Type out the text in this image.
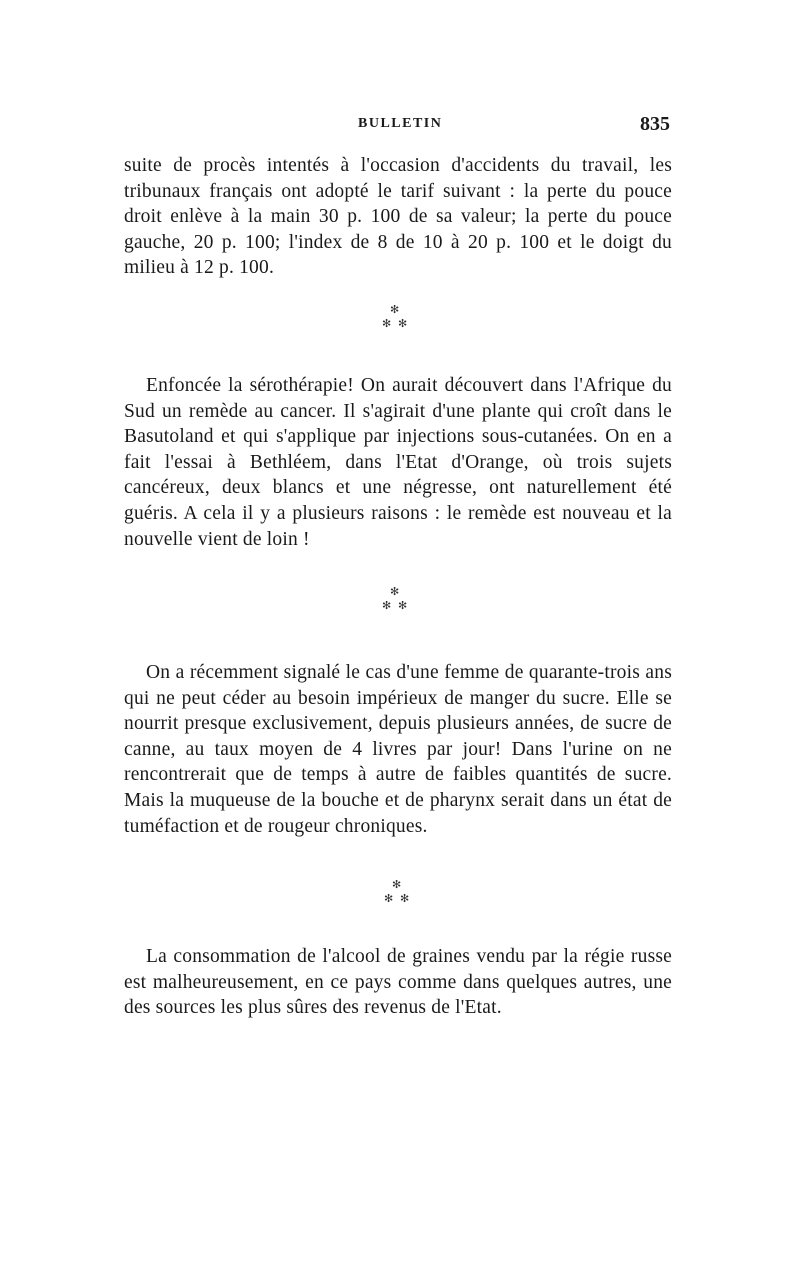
BULLETIN	835

suite de procès intentés à l'occasion d'accidents du travail, les tribunaux français ont adopté le tarif suivant : la perte du pouce droit enlève à la main 30 p. 100 de sa valeur; la perte du pouce gauche, 20 p. 100; l'index de 8 de 10 à 20 p. 100 et le doigt du milieu à 12 p. 100.

✻
✻ ✻

Enfoncée la sérothérapie! On aurait découvert dans l'Afrique du Sud un remède au cancer. Il s'agirait d'une plante qui croît dans le Basutoland et qui s'applique par injections sous-cutanées. On en a fait l'essai à Bethléem, dans l'Etat d'Orange, où trois sujets cancéreux, deux blancs et une négresse, ont naturellement été guéris. A cela il y a plusieurs raisons : le remède est nouveau et la nouvelle vient de loin !

✻
✻ ✻

On a récemment signalé le cas d'une femme de quarante-trois ans qui ne peut céder au besoin impérieux de manger du sucre. Elle se nourrit presque exclusivement, depuis plusieurs années, de sucre de canne, au taux moyen de 4 livres par jour! Dans l'urine on ne rencontrerait que de temps à autre de faibles quantités de sucre. Mais la muqueuse de la bouche et de pharynx serait dans un état de tuméfaction et de rougeur chroniques.

✻
✻ ✻

La consommation de l'alcool de graines vendu par la régie russe est malheureusement, en ce pays comme dans quelques autres, une des sources les plus sûres des revenus de l'Etat.
